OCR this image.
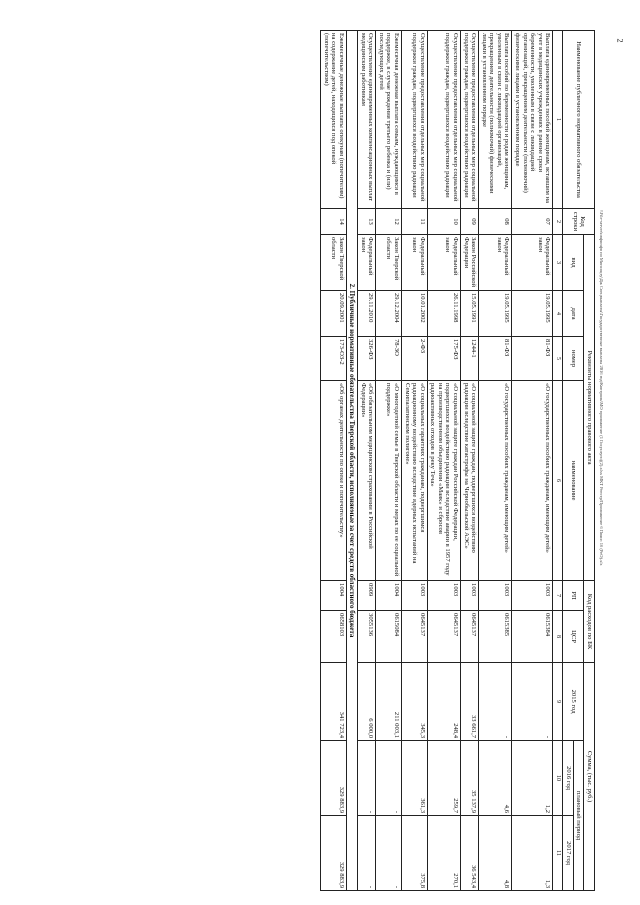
2
\\File-server\инфинфо по Минсоцзу\Дж Спецвыплаты\Государственные выплаты 2016 год\Контроль\МО приложение (1 Госуслуги)(2).xlsx МКТ Реестр/Приложение 6 Поясн 16 (РеО).xls
Наименование публичного нормативного обязательства	Код строки	Реквизиты нормативного правового акта				Код расходов по БК		Сумма, (тыс. руб.)		
		вид	дата	номер	наименование	РП	ЦСР	2015 год	плановый период	
									2016 год	2017 год
1	2	3	4	5	6	7	8	9	10	11
Выплата единовременных пособий женщинам, вставшим на учет в медицинских учреждениях в ранние сроки беременности, уволенным в связи с ликвидацией организаций, прекращением деятельности (полномочий) физическими лицами в установленном порядке	07	Федеральный закон	19.05.1995	81-ФЗ	«О государственных пособиях гражданам, имеющим детей»	1003	0615384	-	1,2	1,3
Выплата пособий по беременности и родам женщинам, уволенным в связи с ликвидацией организаций, прекращением деятельности (полномочий) физическими лицами в установленном порядке	08	Федеральный закон	19.05.1995	81-ФЗ	«О государственных пособиях гражданам, имеющим детей»	1003	0615385	-	4,6	4,8
Осуществление предоставления отдельных мер социальной поддержки граждан, подвергшихся воздействию радиации	09	Закон Российской Федерации	15.05.1991	1244-1	«О социальной защите граждан, подвергшихся воздействию радиации вследствие катастрофы на Чернобыльской АЭС»	1003	0645137	33 661,7	35 137,9	36 543,4
Осуществление предоставления отдельных мер социальной поддержки граждан, подвергшихся воздействию радиации	10	Федеральный закон	26.11.1998	175-ФЗ	«О социальной защите граждан Российской Федерации, подвергшихся воздействию радиации вследствие аварии в 1957 году на производственном объединении «Маяк» и сбросов радиоактивных отходов в реку Теча»	1003	0645137	248,4	259,7	270,1
Осуществление предоставления отдельных мер социальной поддержки граждан, подвергшихся воздействию радиации	11	Федеральный закон	10.01.2002	2-ФЗ	«О социальных гарантиях гражданам, подвергшимся радиационному воздействию вследствие ядерных испытаний на Семипалатинском полигоне»	1003	0645137	345,3	361,3	375,8
Ежемесячная денежная выплата семьям, нуждающимся в поддержке, в случае рождения третьего ребенка и (или) последующих детей	12	Закон Тверской области	29.12.2004	78-ЗО	«О многодетной семье в Тверской области и мерах по ее социальной поддержке»	1004	0615084	211 003,1	-	-
Осуществление единовременных компенсационных выплат медицинским работникам	13	Федеральный закон	29.11.2010	326-ФЗ	«Об обязательном медицинском страховании в Российской Федерации»	0909	3055136	6 000,0	-	-
2. Публичные нормативные обязательства Тверской области, исполняемые за счет средств областного бюджета										
Ежемесячные денежные выплаты опекунам (попечителям) на содержание детей, находящихся под опекой (попечительством)	14	Закон Тверской области	20.09.2001	173-ОЗ-2	«Об органах деятельности по опеке и попечительству»	1004	0658103	341 723,4	329 883,9	329 883,9
